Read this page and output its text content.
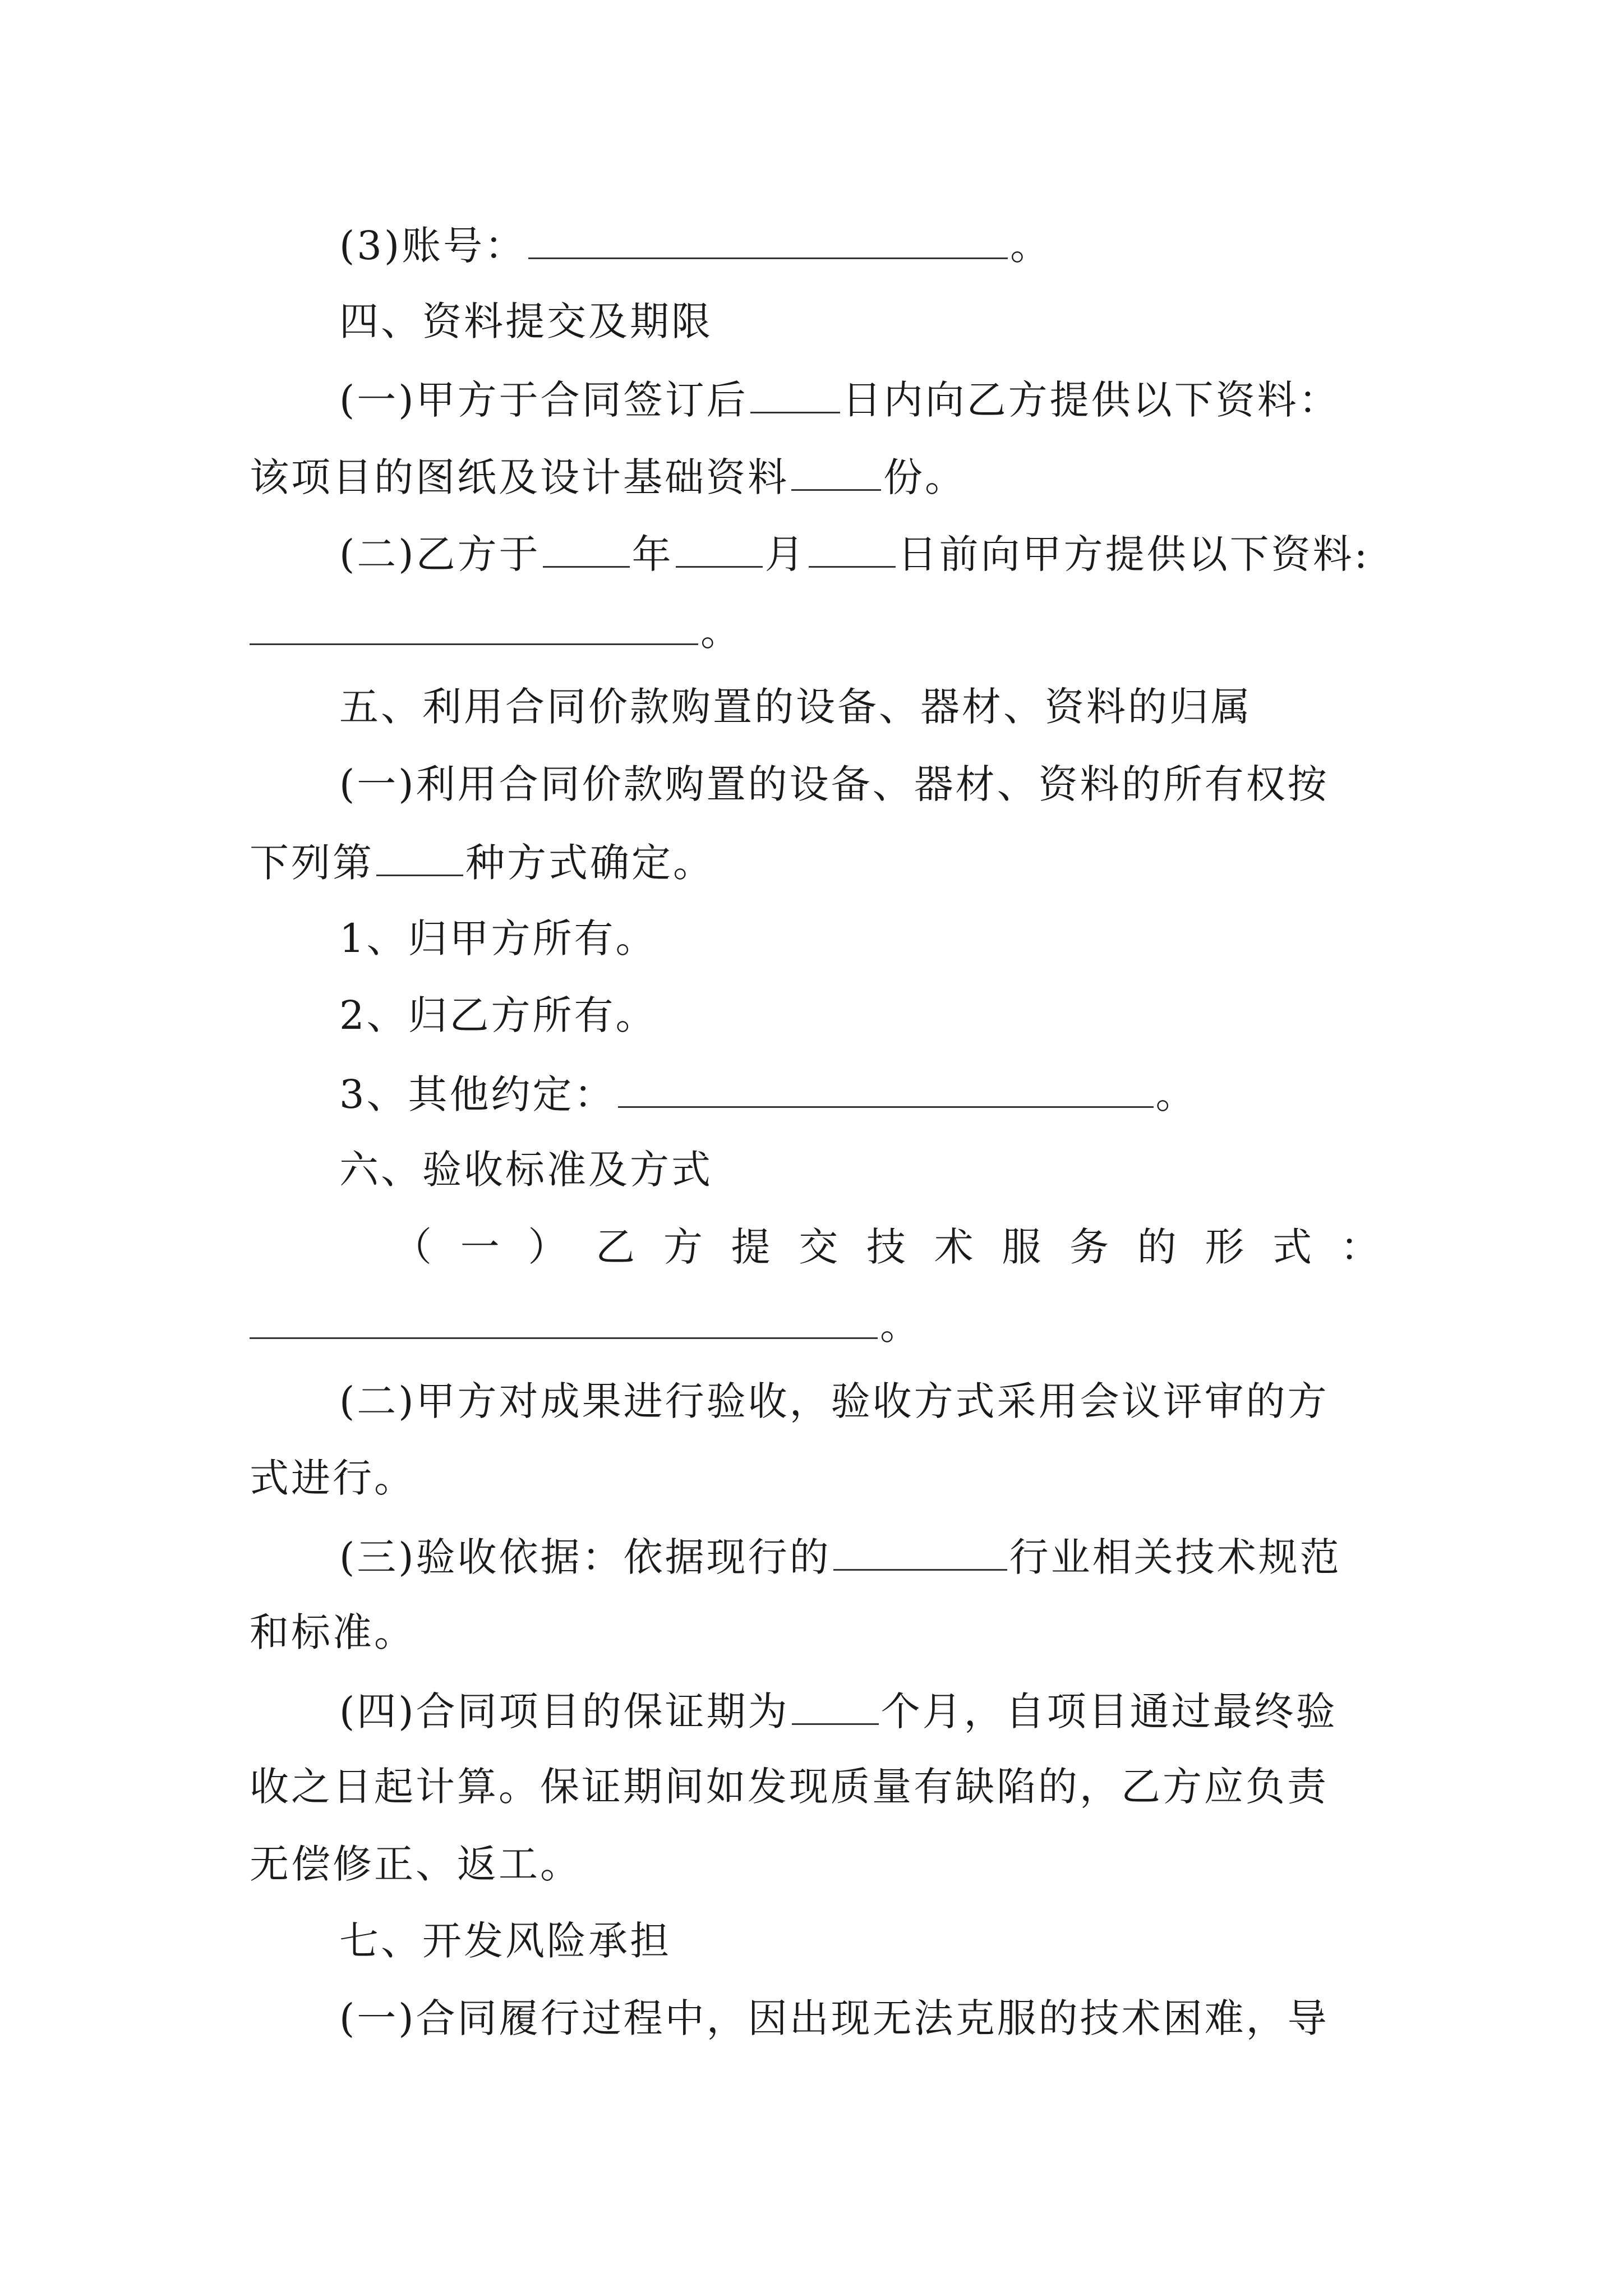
(3)账号：	。
四、资料提交及期限
(一)甲方于合同签订后 日内向乙方提供以下资料：
该项目的图纸及设计基础资料 份。
(二)乙方于 年 月 日前向甲方提供以下资料:
。
五、利用合同价款购置的设备、器材、资料的归属
(一)利用合同价款购置的设备、器材、资料的所有权按
下列第 种方式确定。
1、归甲方所有。
2、归乙方所有。
3、其他约定：	。
六、验收标准及方式
（ 一 ） 乙 方 提 交 技 术 服 务 的 形 式 ：
。
(二)甲方对成果进行验收，验收方式采用会议评审的方
式进行。
(三)验收依据：依据现行的	行业相关技术规范
和标准。
(四)合同项目的保证期为 个月，自项目通过最终验
收之日起计算。保证期间如发现质量有缺陷的，乙方应负责
无偿修正、返工。
七、开发风险承担
(一)合同履行过程中，因出现无法克服的技术困难，导
